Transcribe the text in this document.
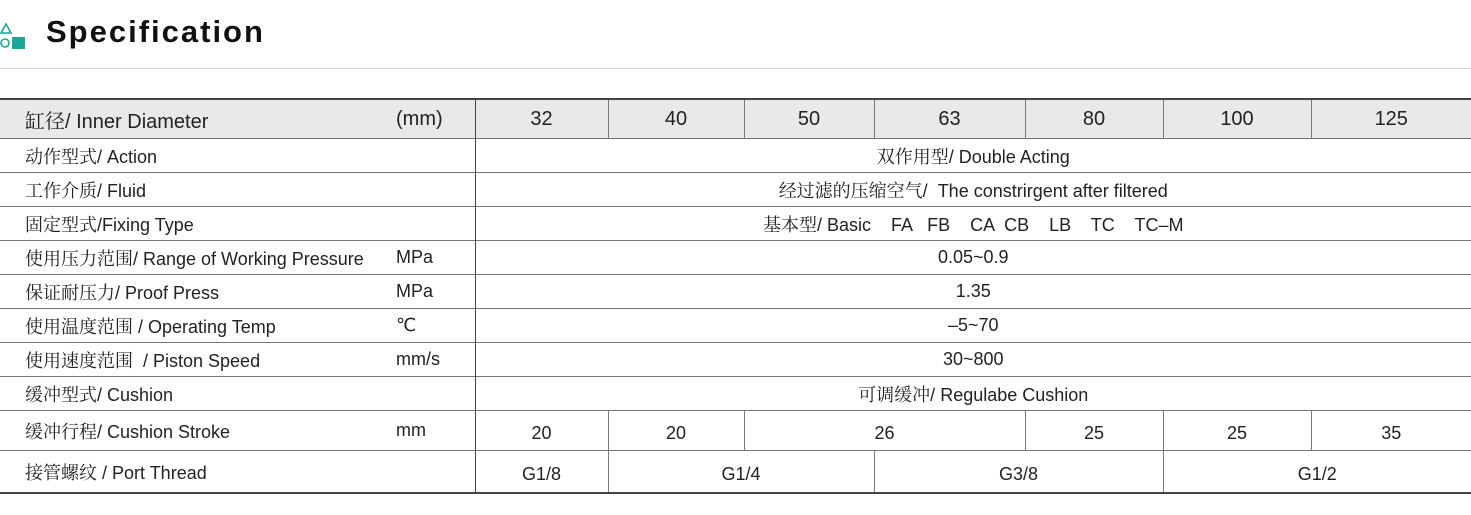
Specification
缸径/ Inner Diameter	(mm)	32	40	50	63	80	100	125
动作型式/ Action		双作用型/ Double Acting						
工作介质/ Fluid		经过滤的压缩空气/  The constrirgent after filtered						
固定型式/Fixing Type		基本型/ Basic    FA   FB    CA  CB    LB    TC    TC–M						
使用压力范围/ Range of Working Pressure	MPa	0.05~0.9						
保证耐压力/ Proof Press	MPa	1.35						
使用温度范围 / Operating Temp	℃	–5~70						
使用速度范围  / Piston Speed	mm/s	30~800						
缓冲型式/ Cushion		可调缓冲/ Regulabe Cushion						
缓冲行程/ Cushion Stroke	mm	20	20	26		25	25	35
接管螺纹 / Port Thread		G1/8	G1/4		G3/8		G1/2	
